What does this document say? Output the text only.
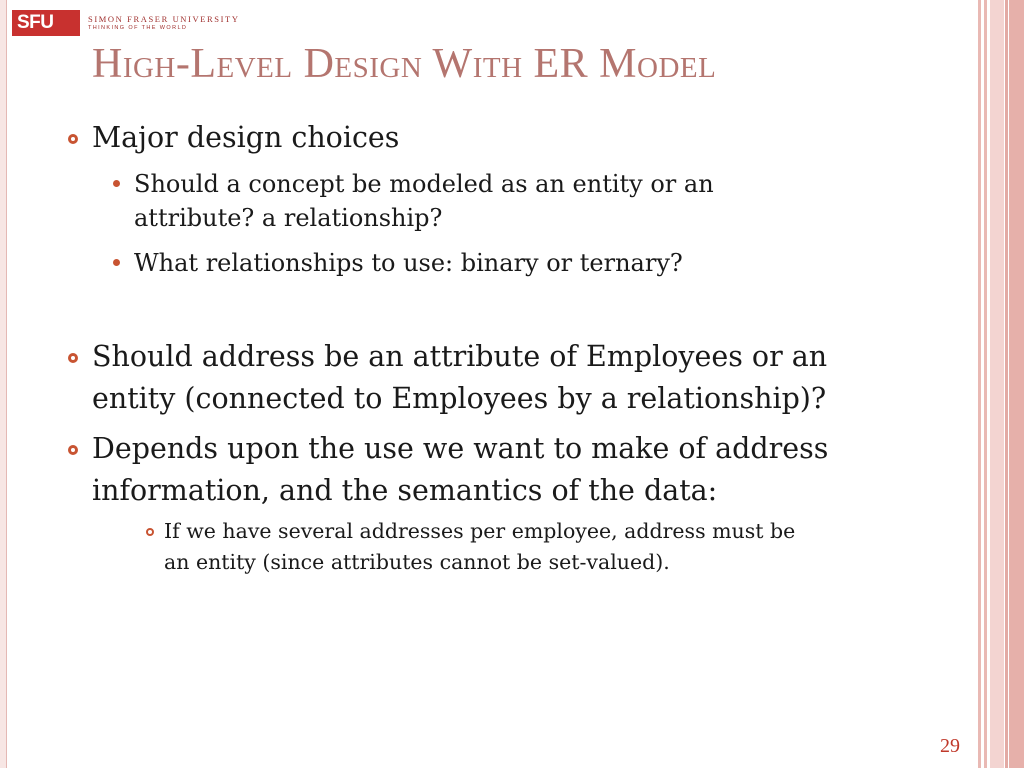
SFU	SIMON FRASER UNIVERSITY
THINKING OF THE WORLD
High-Level Design With ER Model
Major design choices
Should a concept be modeled as an entity or an
attribute? a relationship?
What relationships to use: binary or ternary?
Should address be an attribute of Employees or an
entity (connected to Employees by a relationship)?
Depends upon the use we want to make of address
information, and the semantics of the data:
If we have several addresses per employee, address must be
an entity (since attributes cannot be set-valued).
29
